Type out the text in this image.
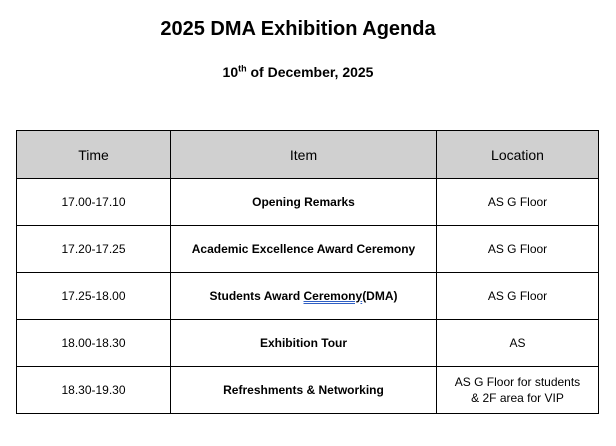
2025 DMA Exhibition Agenda

10th of December, 2025

Time	Item	Location
17.00-17.10	Opening Remarks	AS G Floor
17.20-17.25	Academic Excellence Award Ceremony	AS G Floor
17.25-18.00	Students Award Ceremony(DMA)	AS G Floor
18.00-18.30	Exhibition Tour	AS
18.30-19.30	Refreshments & Networking	AS G Floor for students
& 2F area for VIP
